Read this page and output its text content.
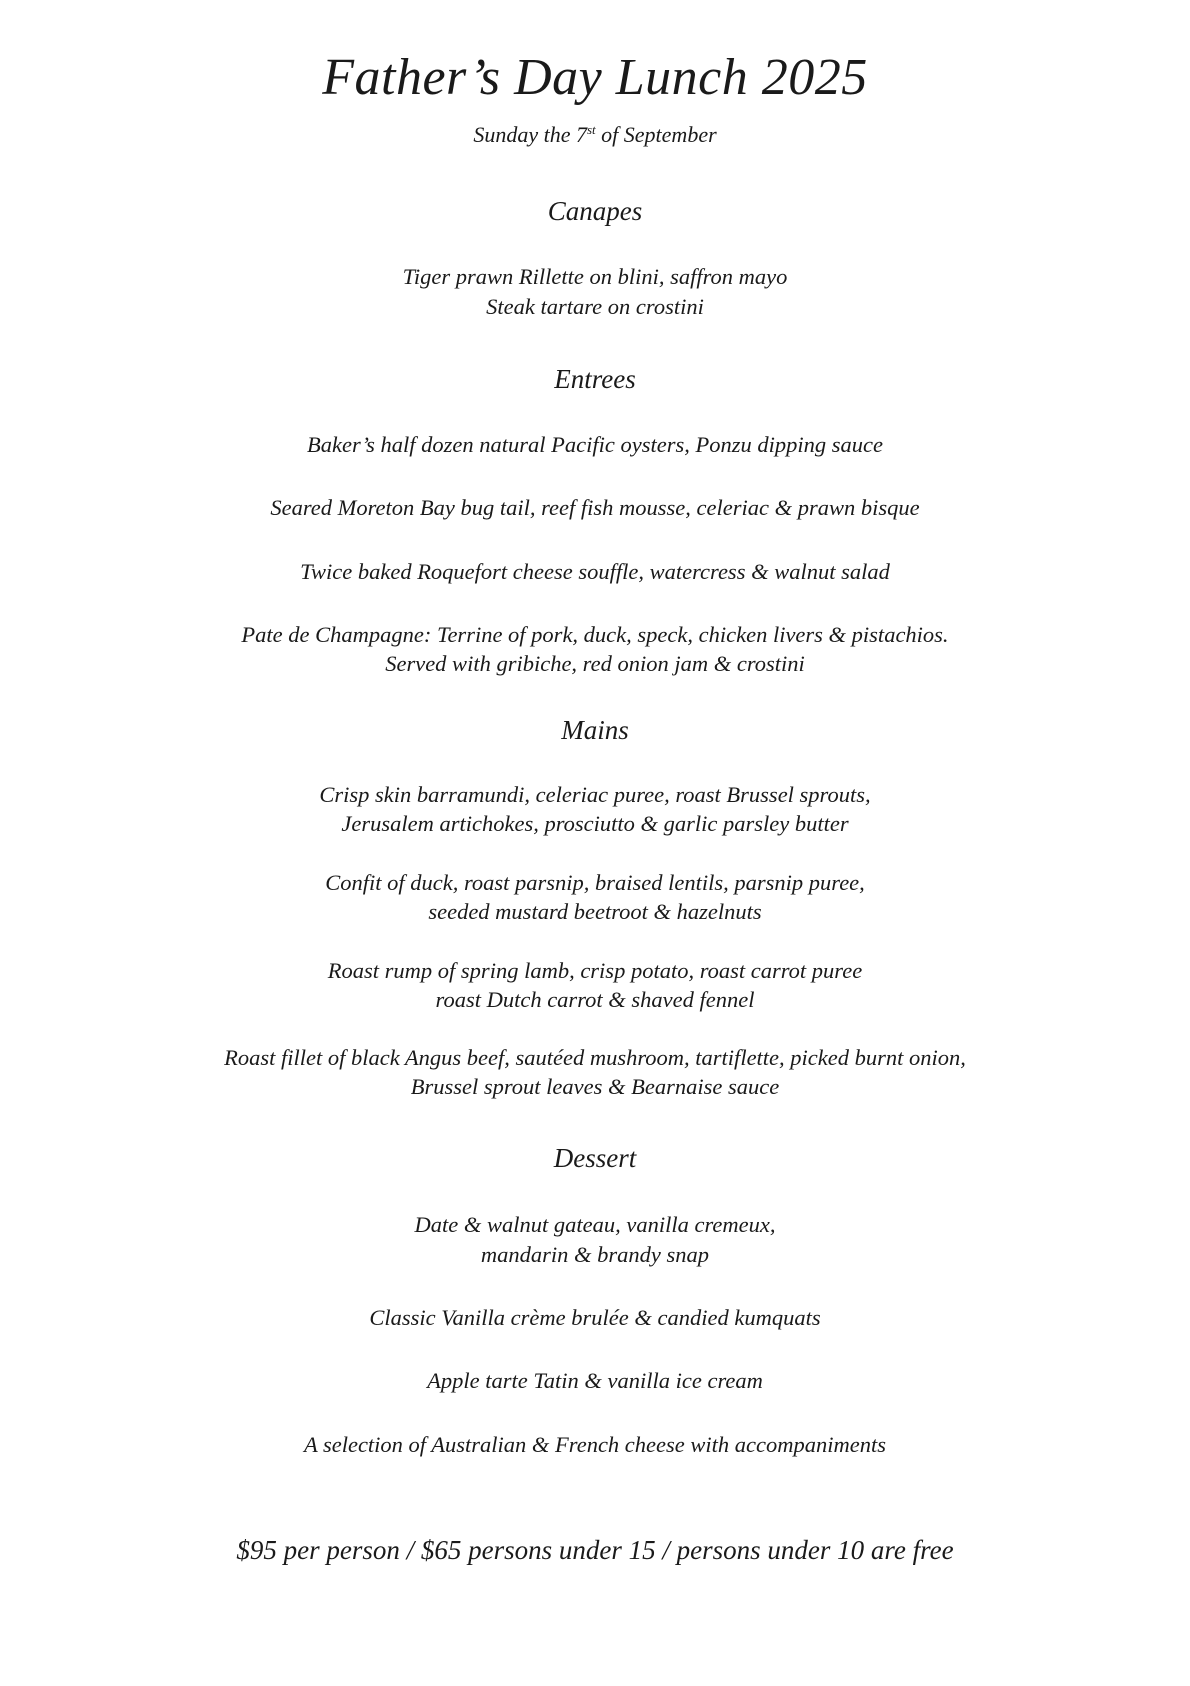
Father’s Day Lunch 2025
Sunday the 7st of September
Canapes
Tiger prawn Rillette on blini, saffron mayo
Steak tartare on crostini
Entrees
Baker’s half dozen natural Pacific oysters, Ponzu dipping sauce
Seared Moreton Bay bug tail, reef fish mousse, celeriac & prawn bisque
Twice baked Roquefort cheese souffle, watercress & walnut salad
Pate de Champagne: Terrine of pork, duck, speck, chicken livers & pistachios.
Served with gribiche, red onion jam & crostini
Mains
Crisp skin barramundi, celeriac puree, roast Brussel sprouts,
Jerusalem artichokes, prosciutto & garlic parsley butter
Confit of duck, roast parsnip, braised lentils, parsnip puree,
seeded mustard beetroot & hazelnuts
Roast rump of spring lamb, crisp potato, roast carrot puree
roast Dutch carrot & shaved fennel
Roast fillet of black Angus beef, sautéed mushroom, tartiflette, picked burnt onion,
Brussel sprout leaves & Bearnaise sauce
Dessert
Date & walnut gateau, vanilla cremeux,
mandarin & brandy snap
Classic Vanilla crème brulée & candied kumquats
Apple tarte Tatin & vanilla ice cream
A selection of Australian & French cheese with accompaniments
$95 per person / $65 persons under 15 / persons under 10 are free
